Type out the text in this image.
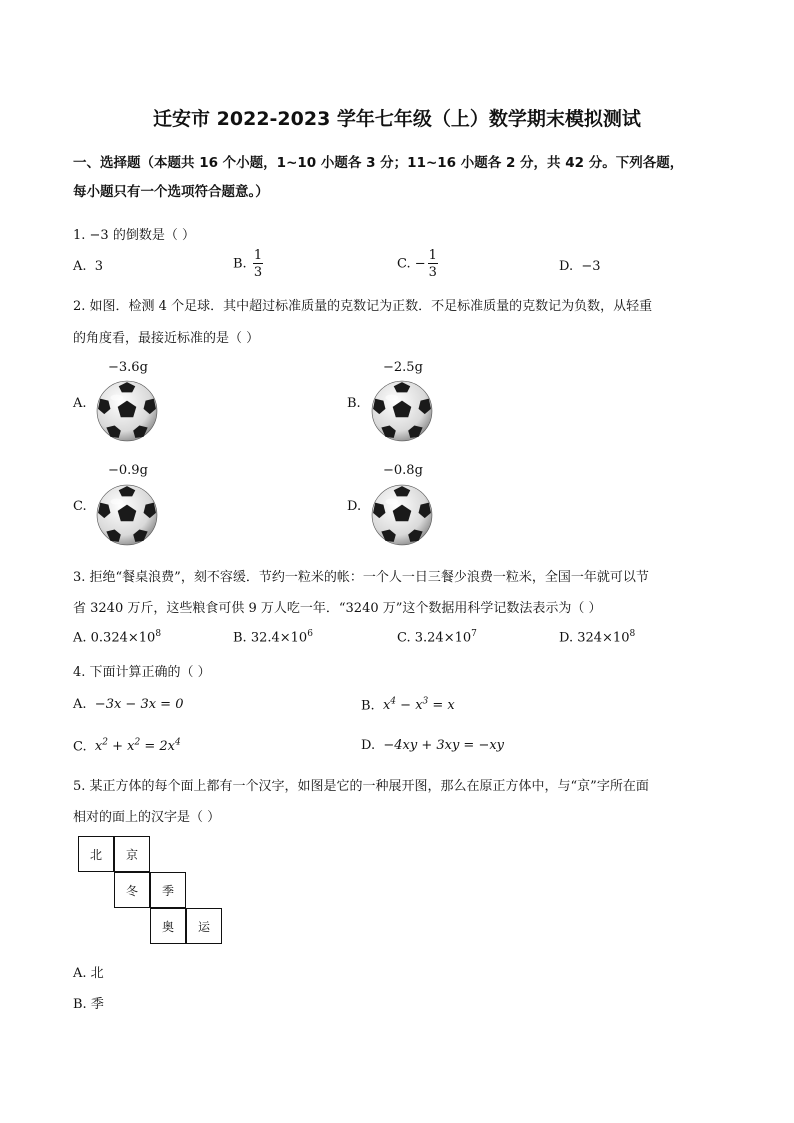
迁安市 2022-2023 学年七年级（上）数学期末模拟测试
一、选择题（本题共 16 个小题，1~10 小题各 3 分；11~16 小题各 2 分，共 42 分。下列各题，
每小题只有一个选项符合题意。）
1. −3 的倒数是（ ）
A. 3	B. $\frac{1}{3}$	C. − $\frac{1}{3}$	D. −3
2. 如图．检测 4 个足球．其中超过标准质量的克数记为正数．不足标准质量的克数记为负数，从轻重
的角度看，最接近标准的是（ ）
−3.6g
A.
−2.5g
B.
−0.9g
C.
−0.8g
D.
3. 拒绝“餐桌浪费”，刻不容缓．节约一粒米的帐：一个人一日三餐少浪费一粒米，全国一年就可以节
省 3240 万斤，这些粮食可供 9 万人吃一年．“3240 万”这个数据用科学记数法表示为（ ）
A. $0.324\times 10^8$	B. $32.4\times 10^6$	C. $3.24\times 10^7$	D. $324\times 10^8$
4. 下面计算正确的（ ）
A. −3x − 3x = 0	B. $x^4 - x^3 = x$
C. $x^2 + x^2 = 2x^4$	D. −4xy + 3xy = −xy
5. 某正方体的每个面上都有一个汉字，如图是它的一种展开图，那么在原正方体中，与“京”字所在面
相对的面上的汉字是（ ）
北	京
冬	季
奥	运
A. 北
B. 季
